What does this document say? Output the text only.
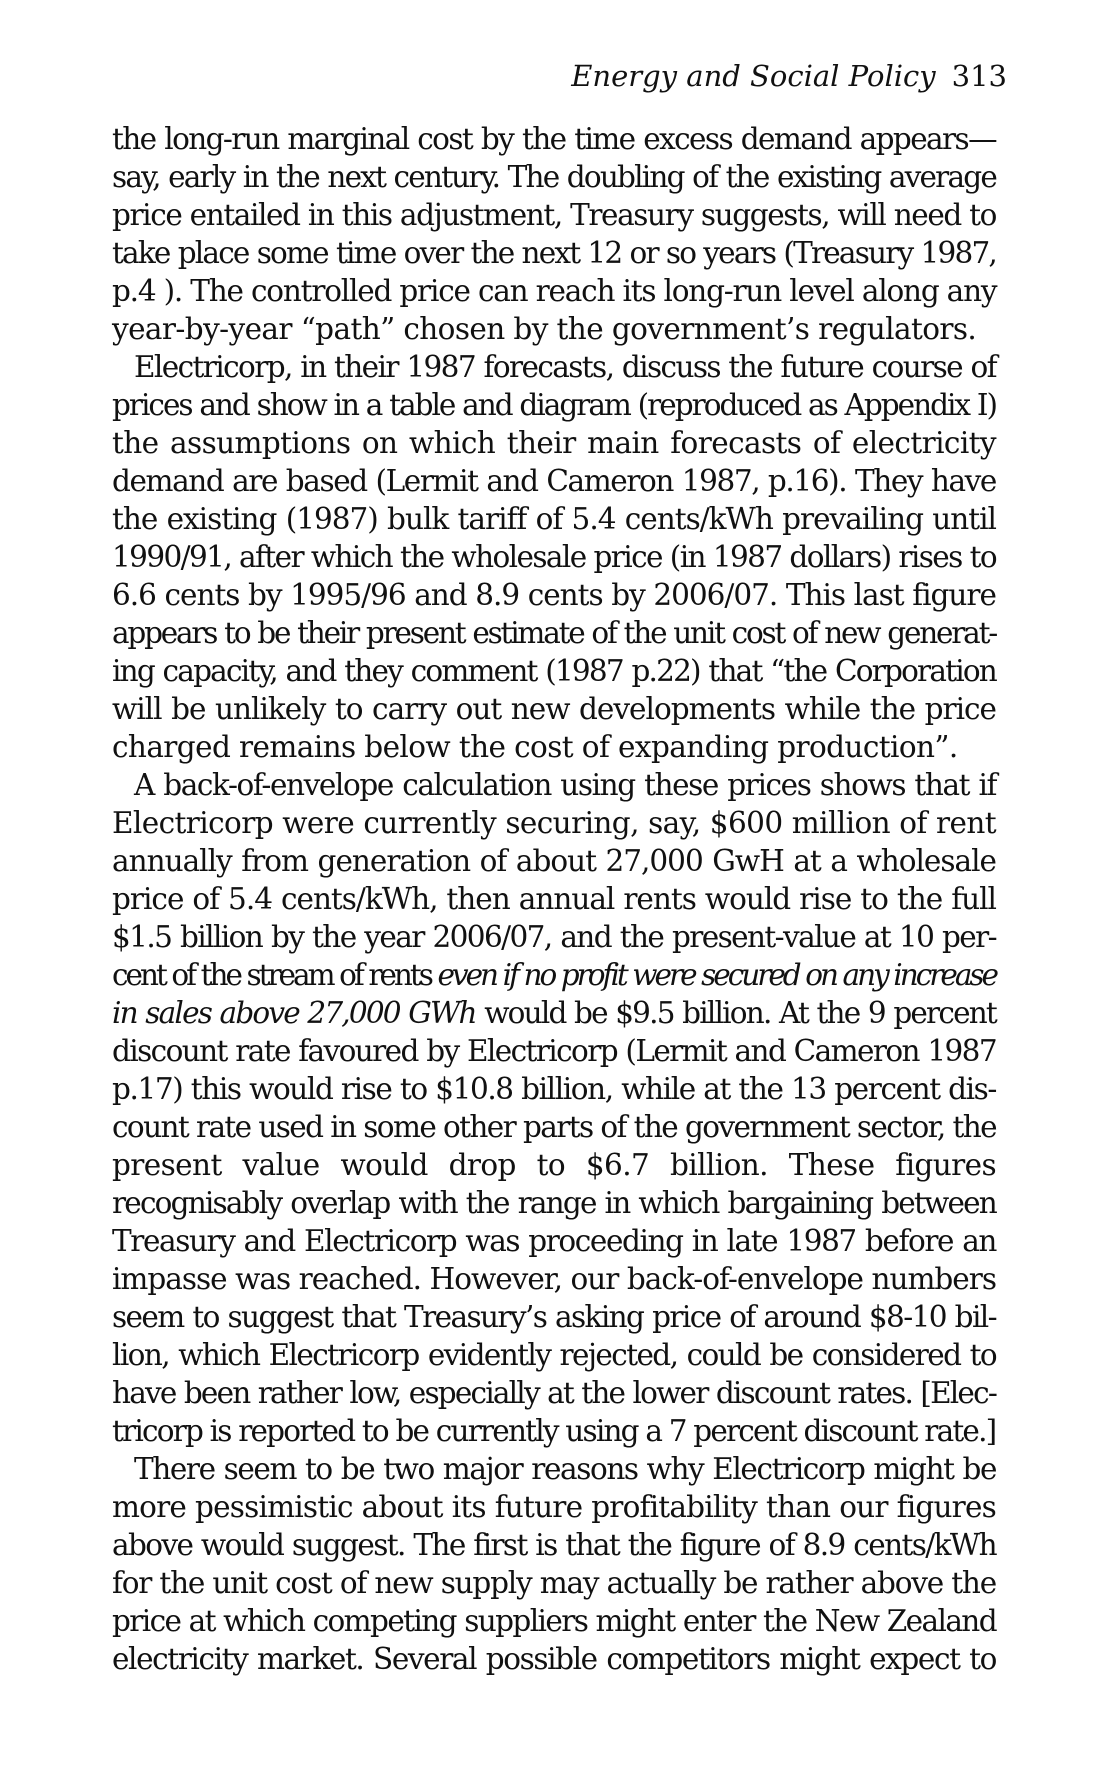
Energy and Social Policy 313
the long-run marginal cost by the time excess demand appears—
say, early in the next century. The doubling of the existing average
price entailed in this adjustment, Treasury suggests, will need to
take place some time over the next 12 or so years (Treasury 1987,
p.4 ). The controlled price can reach its long-run level along any
year-by-year “path” chosen by the government’s regulators.
Electricorp, in their 1987 forecasts, discuss the future course of
prices and show in a table and diagram (reproduced as Appendix I)
the assumptions on which their main forecasts of electricity
demand are based (Lermit and Cameron 1987, p.16). They have
the existing (1987) bulk tariff of 5.4 cents/kWh prevailing until
1990/91, after which the wholesale price (in 1987 dollars) rises to
6.6 cents by 1995/96 and 8.9 cents by 2006/07. This last figure
appears to be their present estimate of the unit cost of new generat-
ing capacity, and they comment (1987 p.22) that “the Corporation
will be unlikely to carry out new developments while the price
charged remains below the cost of expanding production”.
A back-of-envelope calculation using these prices shows that if
Electricorp were currently securing, say, $600 million of rent
annually from generation of about 27,000 GwH at a wholesale
price of 5.4 cents/kWh, then annual rents would rise to the full
$1.5 billion by the year 2006/07, and the present-value at 10 per-
cent of the stream of rents even if no profit were secured on any increase
in sales above 27,000 GWh would be $9.5 billion. At the 9 percent
discount rate favoured by Electricorp (Lermit and Cameron 1987
p.17) this would rise to $10.8 billion, while at the 13 percent dis-
count rate used in some other parts of the government sector, the
present value would drop to $6.7 billion. These figures
recognisably overlap with the range in which bargaining between
Treasury and Electricorp was proceeding in late 1987 before an
impasse was reached. However, our back-of-envelope numbers
seem to suggest that Treasury’s asking price of around $8-10 bil-
lion, which Electricorp evidently rejected, could be considered to
have been rather low, especially at the lower discount rates. [Elec-
tricorp is reported to be currently using a 7 percent discount rate.]
There seem to be two major reasons why Electricorp might be
more pessimistic about its future profitability than our figures
above would suggest. The first is that the figure of 8.9 cents/kWh
for the unit cost of new supply may actually be rather above the
price at which competing suppliers might enter the New Zealand
electricity market. Several possible competitors might expect to
